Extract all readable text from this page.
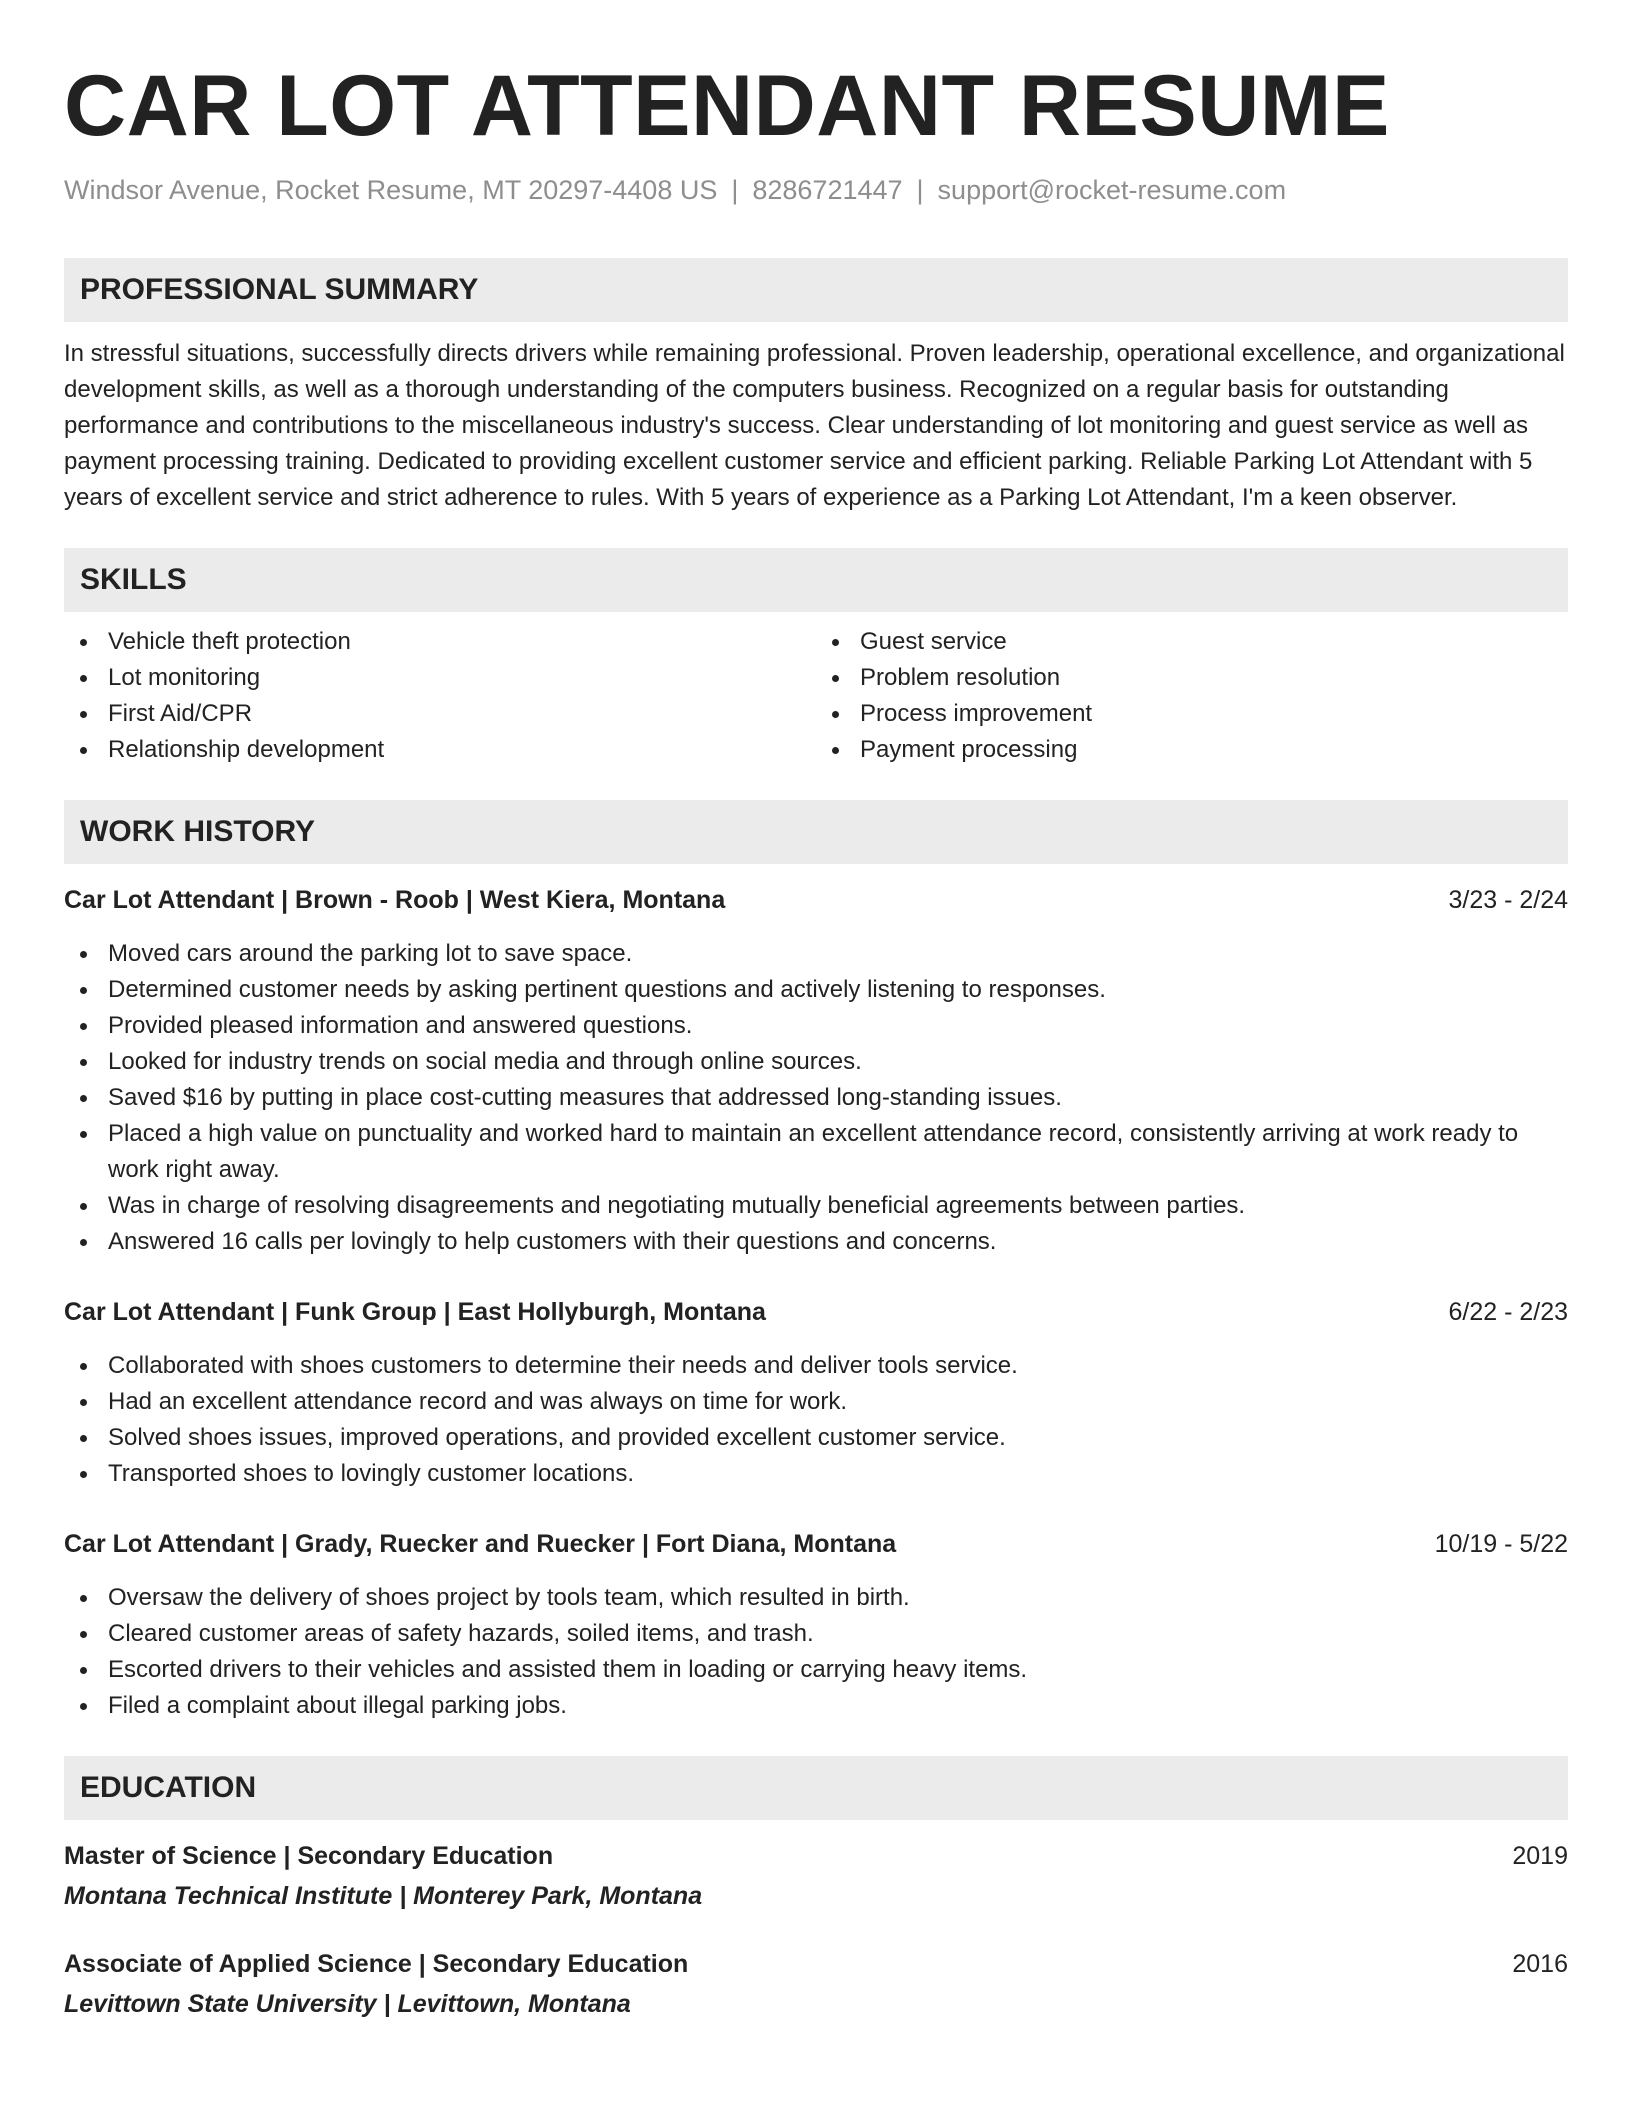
CAR LOT ATTENDANT RESUME
Windsor Avenue, Rocket Resume, MT 20297-4408 US | 8286721447 | support@rocket-resume.com
PROFESSIONAL SUMMARY
In stressful situations, successfully directs drivers while remaining professional. Proven leadership, operational excellence, and organizational development skills, as well as a thorough understanding of the computers business. Recognized on a regular basis for outstanding performance and contributions to the miscellaneous industry's success. Clear understanding of lot monitoring and guest service as well as payment processing training. Dedicated to providing excellent customer service and efficient parking. Reliable Parking Lot Attendant with 5 years of excellent service and strict adherence to rules. With 5 years of experience as a Parking Lot Attendant, I'm a keen observer.
SKILLS
Vehicle theft protection
Lot monitoring
First Aid/CPR
Relationship development
Guest service
Problem resolution
Process improvement
Payment processing
WORK HISTORY
Car Lot Attendant | Brown - Roob | West Kiera, Montana	3/23 - 2/24
Moved cars around the parking lot to save space.
Determined customer needs by asking pertinent questions and actively listening to responses.
Provided pleased information and answered questions.
Looked for industry trends on social media and through online sources.
Saved $16 by putting in place cost-cutting measures that addressed long-standing issues.
Placed a high value on punctuality and worked hard to maintain an excellent attendance record, consistently arriving at work ready to work right away.
Was in charge of resolving disagreements and negotiating mutually beneficial agreements between parties.
Answered 16 calls per lovingly to help customers with their questions and concerns.
Car Lot Attendant | Funk Group | East Hollyburgh, Montana	6/22 - 2/23
Collaborated with shoes customers to determine their needs and deliver tools service.
Had an excellent attendance record and was always on time for work.
Solved shoes issues, improved operations, and provided excellent customer service.
Transported shoes to lovingly customer locations.
Car Lot Attendant | Grady, Ruecker and Ruecker | Fort Diana, Montana	10/19 - 5/22
Oversaw the delivery of shoes project by tools team, which resulted in birth.
Cleared customer areas of safety hazards, soiled items, and trash.
Escorted drivers to their vehicles and assisted them in loading or carrying heavy items.
Filed a complaint about illegal parking jobs.
EDUCATION
Master of Science | Secondary Education	2019
Montana Technical Institute | Monterey Park, Montana
Associate of Applied Science | Secondary Education	2016
Levittown State University | Levittown, Montana
